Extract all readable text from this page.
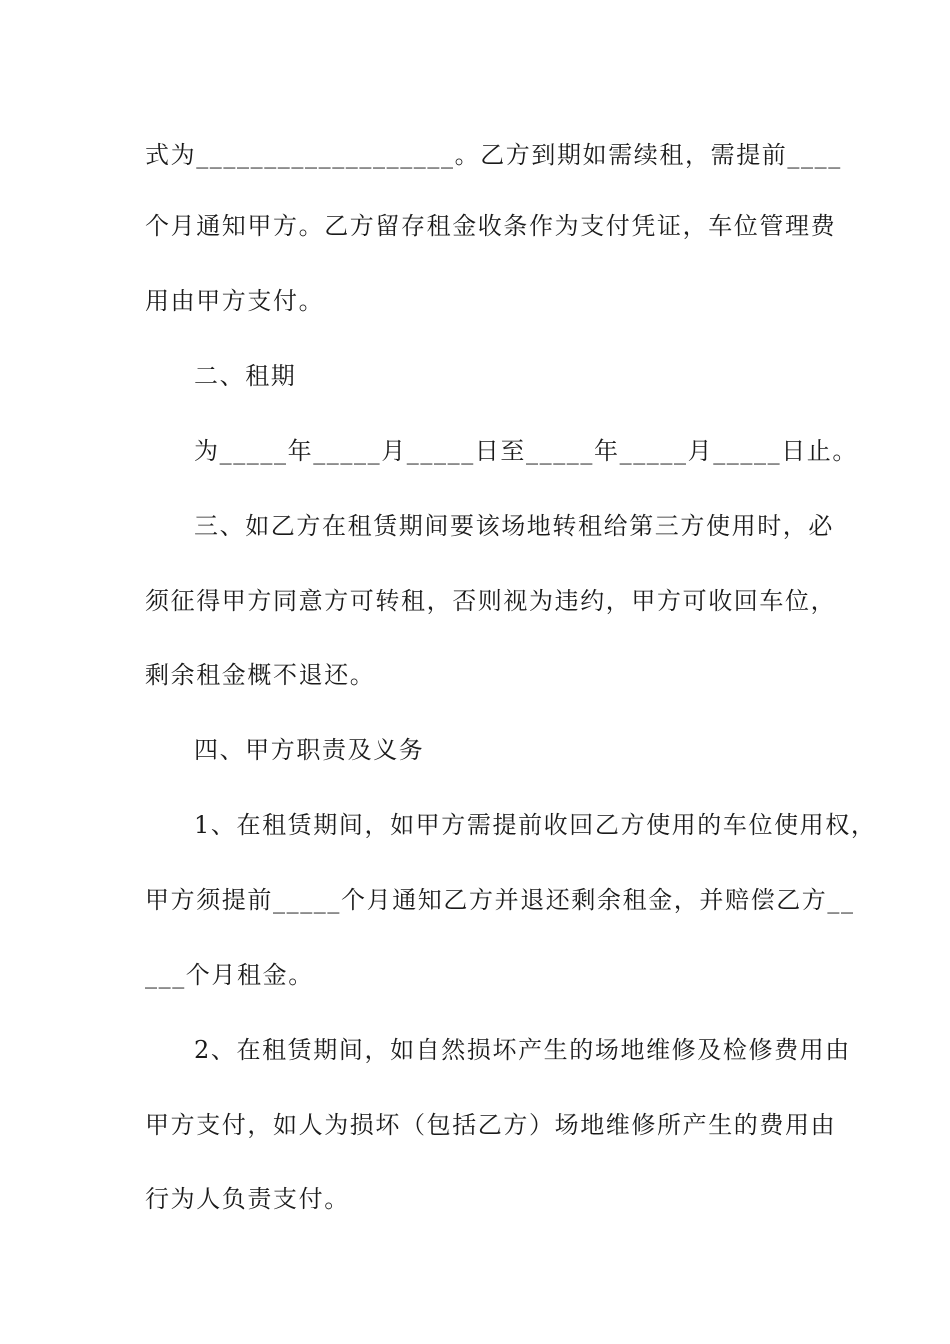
式为___________________。乙方到期如需续租，需提前____
个月通知甲方。乙方留存租金收条作为支付凭证，车位管理费
用由甲方支付。
二、租期
为_____年_____月_____日至_____年_____月_____日止。
三、如乙方在租赁期间要该场地转租给第三方使用时，必
须征得甲方同意方可转租，否则视为违约，甲方可收回车位，
剩余租金概不退还。
四、甲方职责及义务
1、在租赁期间，如甲方需提前收回乙方使用的车位使用权，
甲方须提前_____个月通知乙方并退还剩余租金，并赔偿乙方__
___个月租金。
2、在租赁期间，如自然损坏产生的场地维修及检修费用由
甲方支付，如人为损坏（包括乙方）场地维修所产生的费用由
行为人负责支付。
